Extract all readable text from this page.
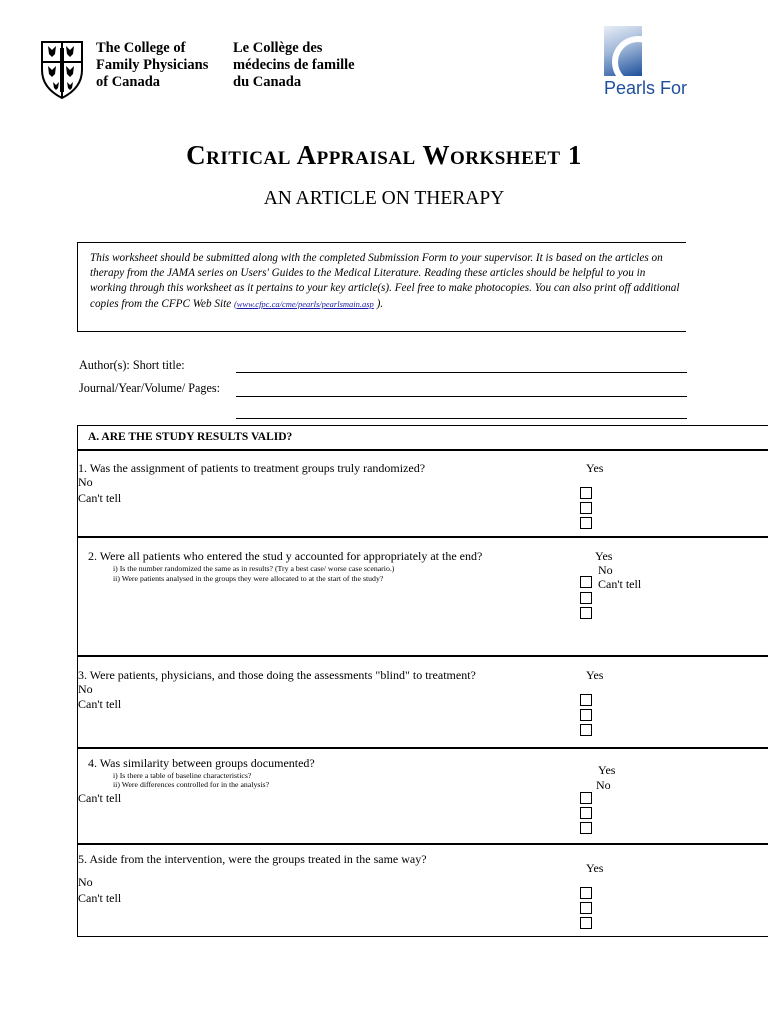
The College of
Family Physicians
of Canada
Le Collège des
médecins de famille
du Canada	Pearls For
Critical Appraisal Worksheet 1
AN ARTICLE ON THERAPY
This worksheet should be submitted along with the completed Submission Form to your supervisor. It is based on the articles on therapy from the JAMA series on Users' Guides to the Medical Literature. Reading these articles should be helpful to you in working through this worksheet as it pertains to your key article(s). Feel free to make photocopies. You can also print off additional copies from the CFPC Web Site (www.cfpc.ca/cme/pearls/pearlsmain.asp ).
Author(s): Short title:
Journal/Year/Volume/ Pages:
A. ARE THE STUDY RESULTS VALID?
1. Was the assignment of patients to treatment groups truly randomized?
No
Can't tell
Yes
2. Were all patients who entered the stud y accounted for appropriately at the end?
i) Is the number randomized the same as in results? (Try a best case/ worse case scenario.)
ii) Were patients analysed in the groups they were allocated to at the start of the study?
Yes
No
Can't tell
3. Were patients, physicians, and those doing the assessments "blind" to treatment?
No
Can't tell
Yes
4. Was similarity between groups documented?
i) Is there a table of baseline characteristics?
ii) Were differences controlled for in the analysis?
Can't tell
Yes
No
5. Aside from the intervention, were the groups treated in the same way?
No
Can't tell
Yes
